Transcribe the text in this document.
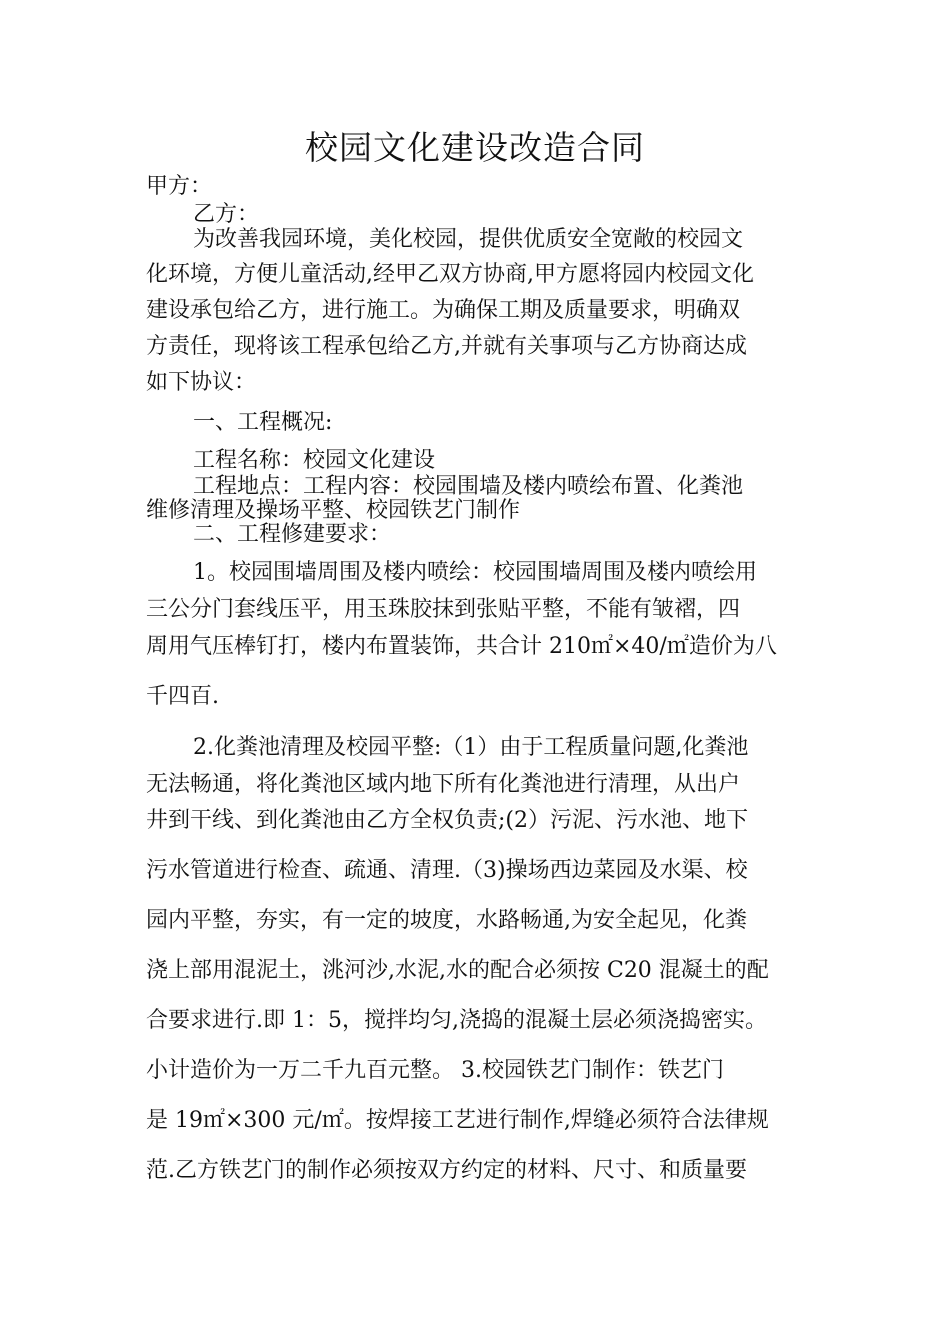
校园文化建设改造合同
甲方：
乙方：
为改善我园环境，美化校园，提供优质安全宽敞的校园文
化环境，方便儿童活动,经甲乙双方协商,甲方愿将园内校园文化
建设承包给乙方，进行施工。为确保工期及质量要求，明确双
方责任，现将该工程承包给乙方,并就有关事项与乙方协商达成
如下协议：
一、工程概况:
工程名称：校园文化建设
工程地点：工程内容：校园围墙及楼内喷绘布置、化粪池
维修清理及操场平整、校园铁艺门制作
二、工程修建要求：
1。校园围墙周围及楼内喷绘：校园围墙周围及楼内喷绘用
三公分门套线压平，用玉珠胶抹到张贴平整，不能有皱褶，四
周用气压棒钉打，楼内布置装饰，共合计 210㎡×40/㎡造价为八
千四百.
2.化粪池清理及校园平整:（1）由于工程质量问题,化粪池
无法畅通，将化粪池区域内地下所有化粪池进行清理，从出户
井到干线、到化粪池由乙方全权负责;(2）污泥、污水池、地下
污水管道进行检查、疏通、清理.（3)操场西边菜园及水渠、校
园内平整，夯实，有一定的坡度，水路畅通,为安全起见，化粪
浇上部用混泥土，洮河沙,水泥,水的配合必须按 C20 混凝土的配
合要求进行.即 1：5，搅拌均匀,浇捣的混凝土层必须浇捣密实。
小计造价为一万二千九百元整。 3.校园铁艺门制作：铁艺门
是 19㎡×300 元/㎡。按焊接工艺进行制作,焊缝必须符合法律规
范.乙方铁艺门的制作必须按双方约定的材料、尺寸、和质量要
